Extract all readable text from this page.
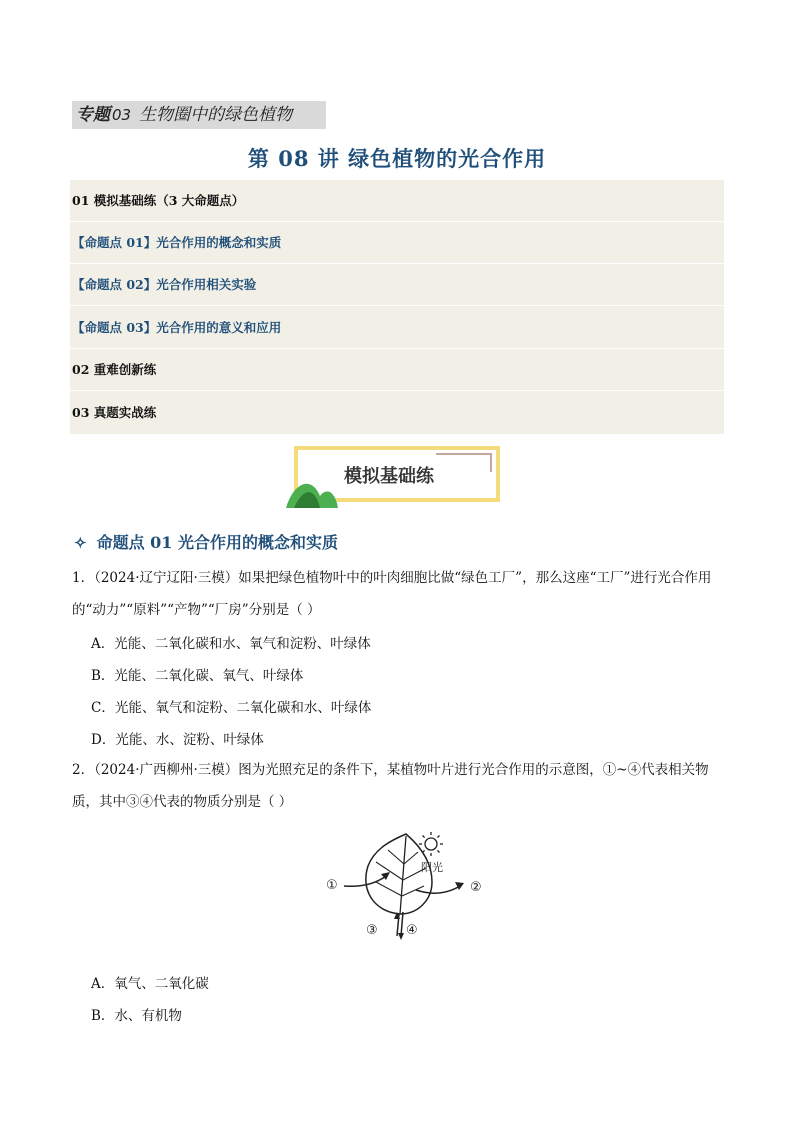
专题 03 生物圈中的绿色植物
第 08 讲 绿色植物的光合作用
01 模拟基础练（3 大命题点）
【命题点 01】光合作用的概念和实质
【命题点 02】光合作用相关实验
【命题点 03】光合作用的意义和应用
02 重难创新练
03 真题实战练
模拟基础练
✧ 命题点 01 光合作用的概念和实质
1．（2024·辽宁辽阳·三模）如果把绿色植物叶中的叶肉细胞比做“绿色工厂”，那么这座“工厂”进行光合作用
的“动力”“原料”“产物”“厂房”分别是（ ）
A．光能、二氧化碳和水、氧气和淀粉、叶绿体
B．光能、二氧化碳、氧气、叶绿体
C．光能、氧气和淀粉、二氧化碳和水、叶绿体
D．光能、水、淀粉、叶绿体
2．（2024·广西柳州·三模）图为光照充足的条件下，某植物叶片进行光合作用的示意图，①~④代表相关物
质，其中③④代表的物质分别是（ ）
阳光
①	②
③ ④
A．氧气、二氧化碳
B．水、有机物
